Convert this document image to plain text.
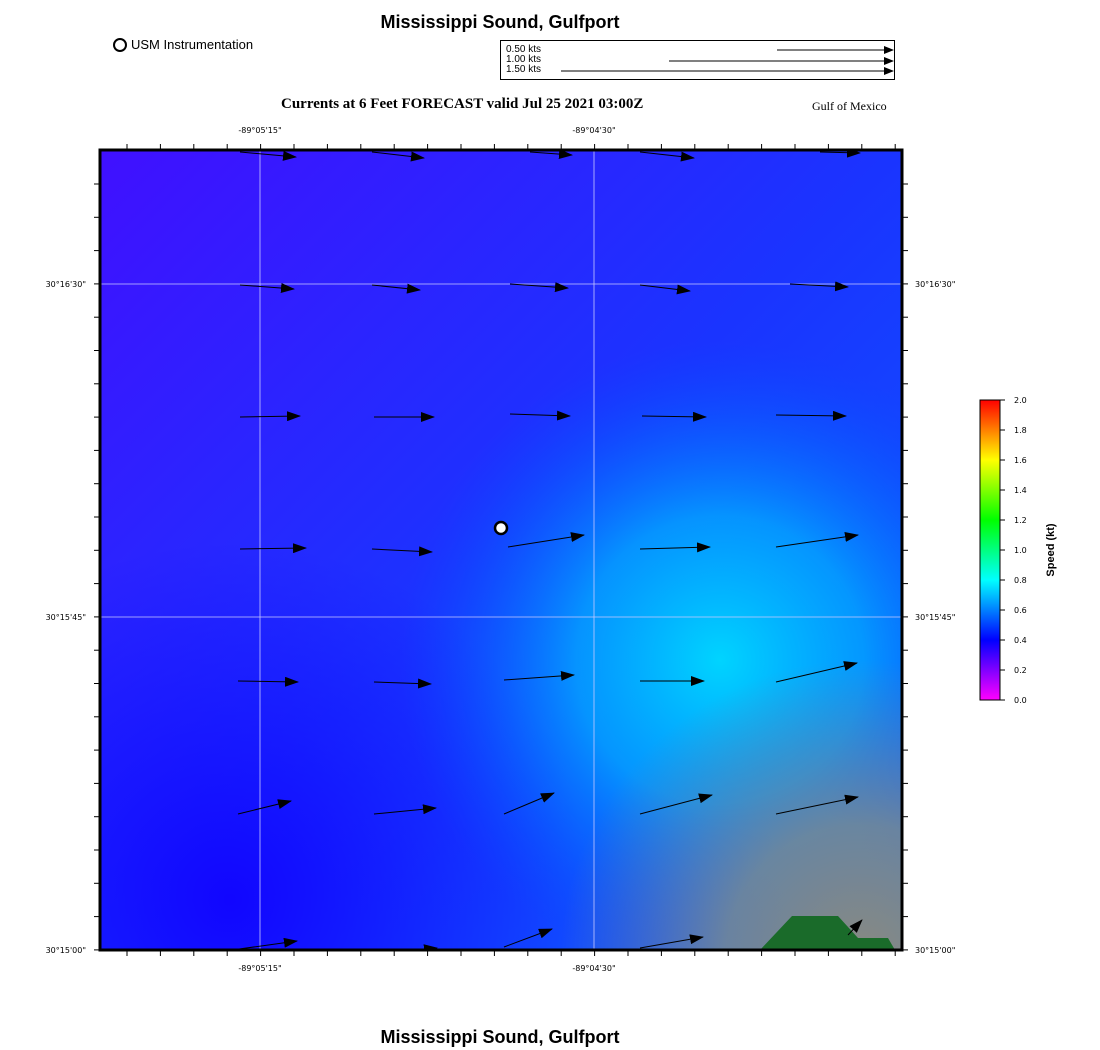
Mississippi Sound, Gulfport
USM Instrumentation	0.50 kts
1.00 kts
1.50 kts
Currents at 6 Feet FORECAST valid Jul 25 2021 03:00Z	Gulf of Mexico
-89°05'15"	-89°04'30"
-89°05'15"	-89°04'30"
30°16'30"
30°15'45"
30°15'00"
30°16'30"
30°15'45"
30°15'00"
0.0
0.2
0.4
0.6
0.8
1.0
1.2
1.4
1.6
1.8
2.0
Speed (kt)
Mississippi Sound, Gulfport
